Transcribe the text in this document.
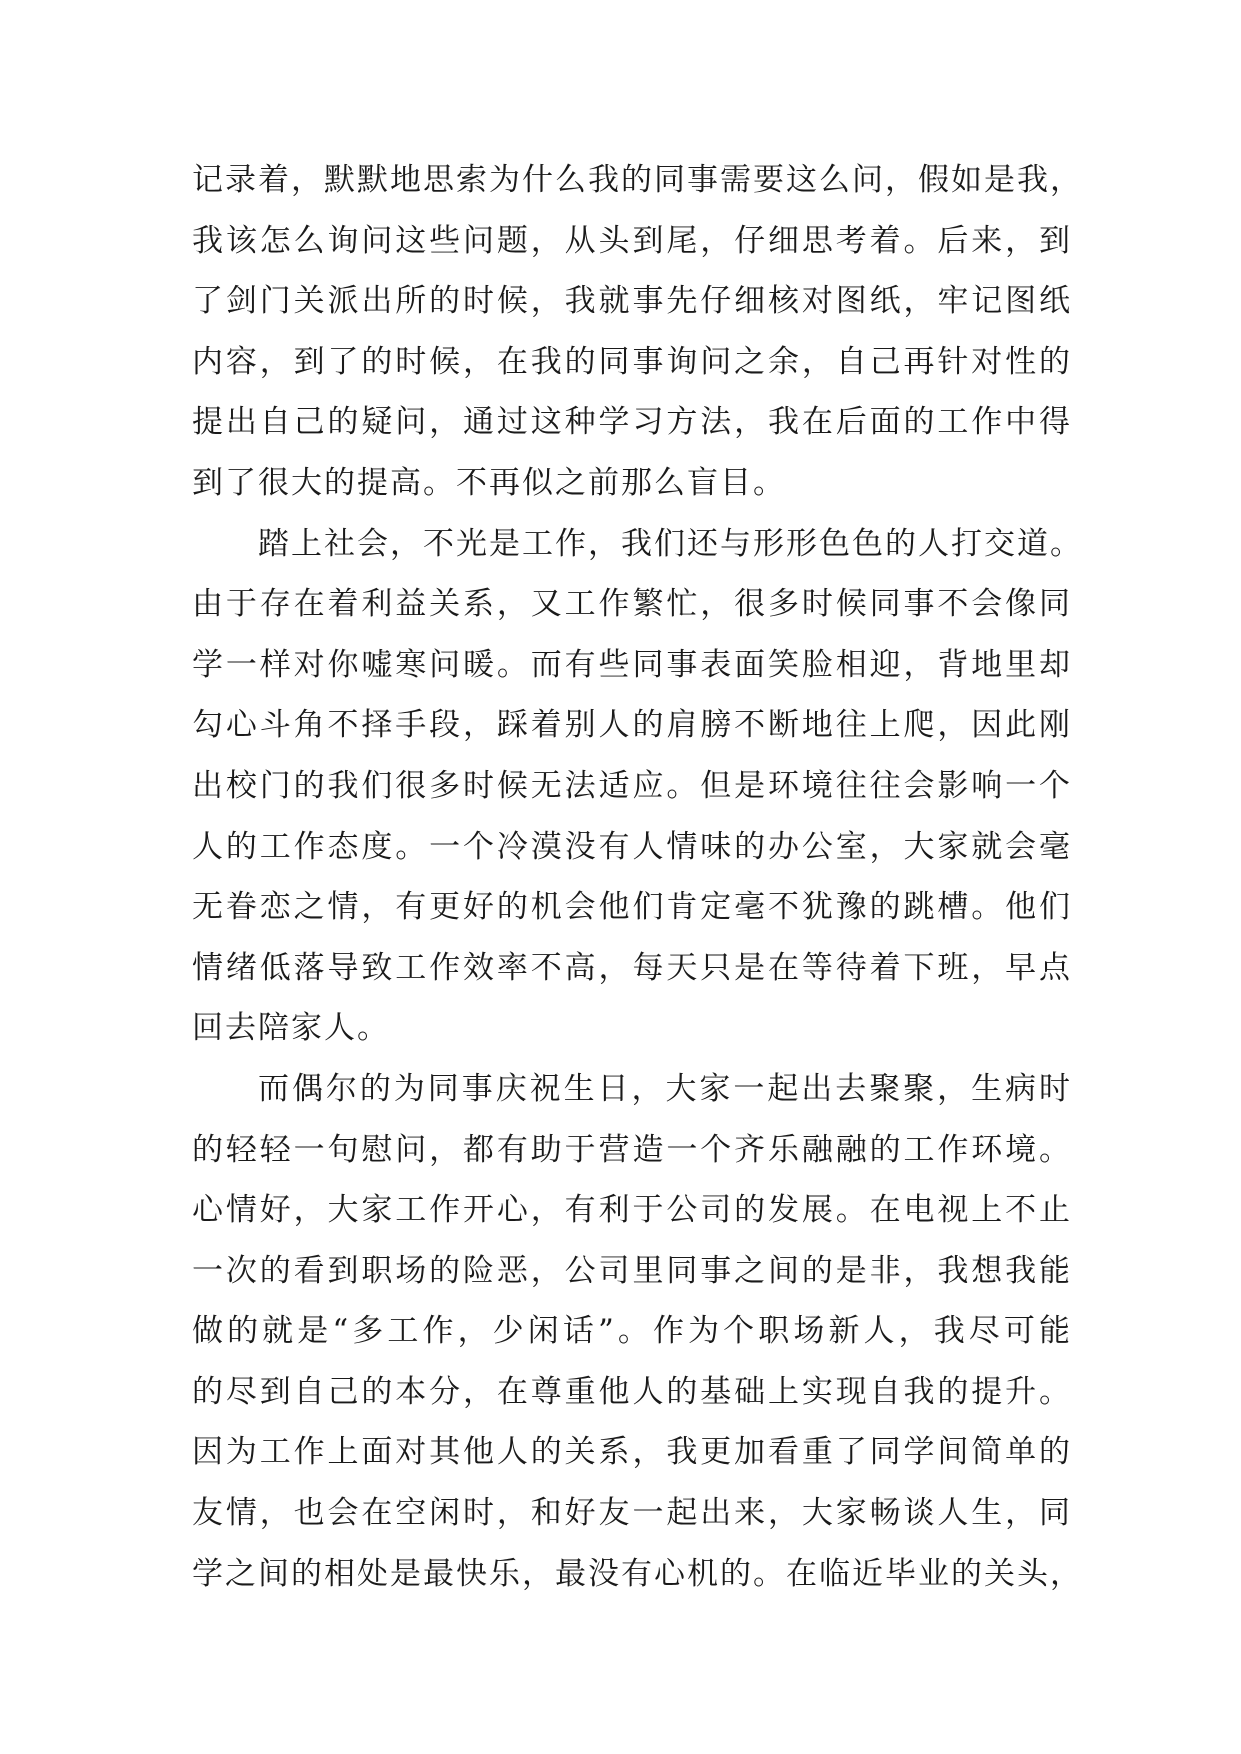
记录着，默默地思索为什么我的同事需要这么问，假如是我，
我该怎么询问这些问题，从头到尾，仔细思考着。后来，到
了剑门关派出所的时候，我就事先仔细核对图纸，牢记图纸
内容，到了的时候，在我的同事询问之余，自己再针对性的
提出自己的疑问，通过这种学习方法，我在后面的工作中得
到了很大的提高。不再似之前那么盲目。
踏上社会，不光是工作，我们还与形形色色的人打交道。
由于存在着利益关系，又工作繁忙，很多时候同事不会像同
学一样对你嘘寒问暖。而有些同事表面笑脸相迎，背地里却
勾心斗角不择手段，踩着别人的肩膀不断地往上爬，因此刚
出校门的我们很多时候无法适应。但是环境往往会影响一个
人的工作态度。一个冷漠没有人情味的办公室，大家就会毫
无眷恋之情，有更好的机会他们肯定毫不犹豫的跳槽。他们
情绪低落导致工作效率不高，每天只是在等待着下班，早点
回去陪家人。
而偶尔的为同事庆祝生日，大家一起出去聚聚，生病时
的轻轻一句慰问，都有助于营造一个齐乐融融的工作环境。
心情好，大家工作开心，有利于公司的发展。在电视上不止
一次的看到职场的险恶，公司里同事之间的是非，我想我能
做的就是“多工作，少闲话”。作为个职场新人，我尽可能
的尽到自己的本分，在尊重他人的基础上实现自我的提升。
因为工作上面对其他人的关系，我更加看重了同学间简单的
友情，也会在空闲时，和好友一起出来，大家畅谈人生，同
学之间的相处是最快乐，最没有心机的。在临近毕业的关头，
